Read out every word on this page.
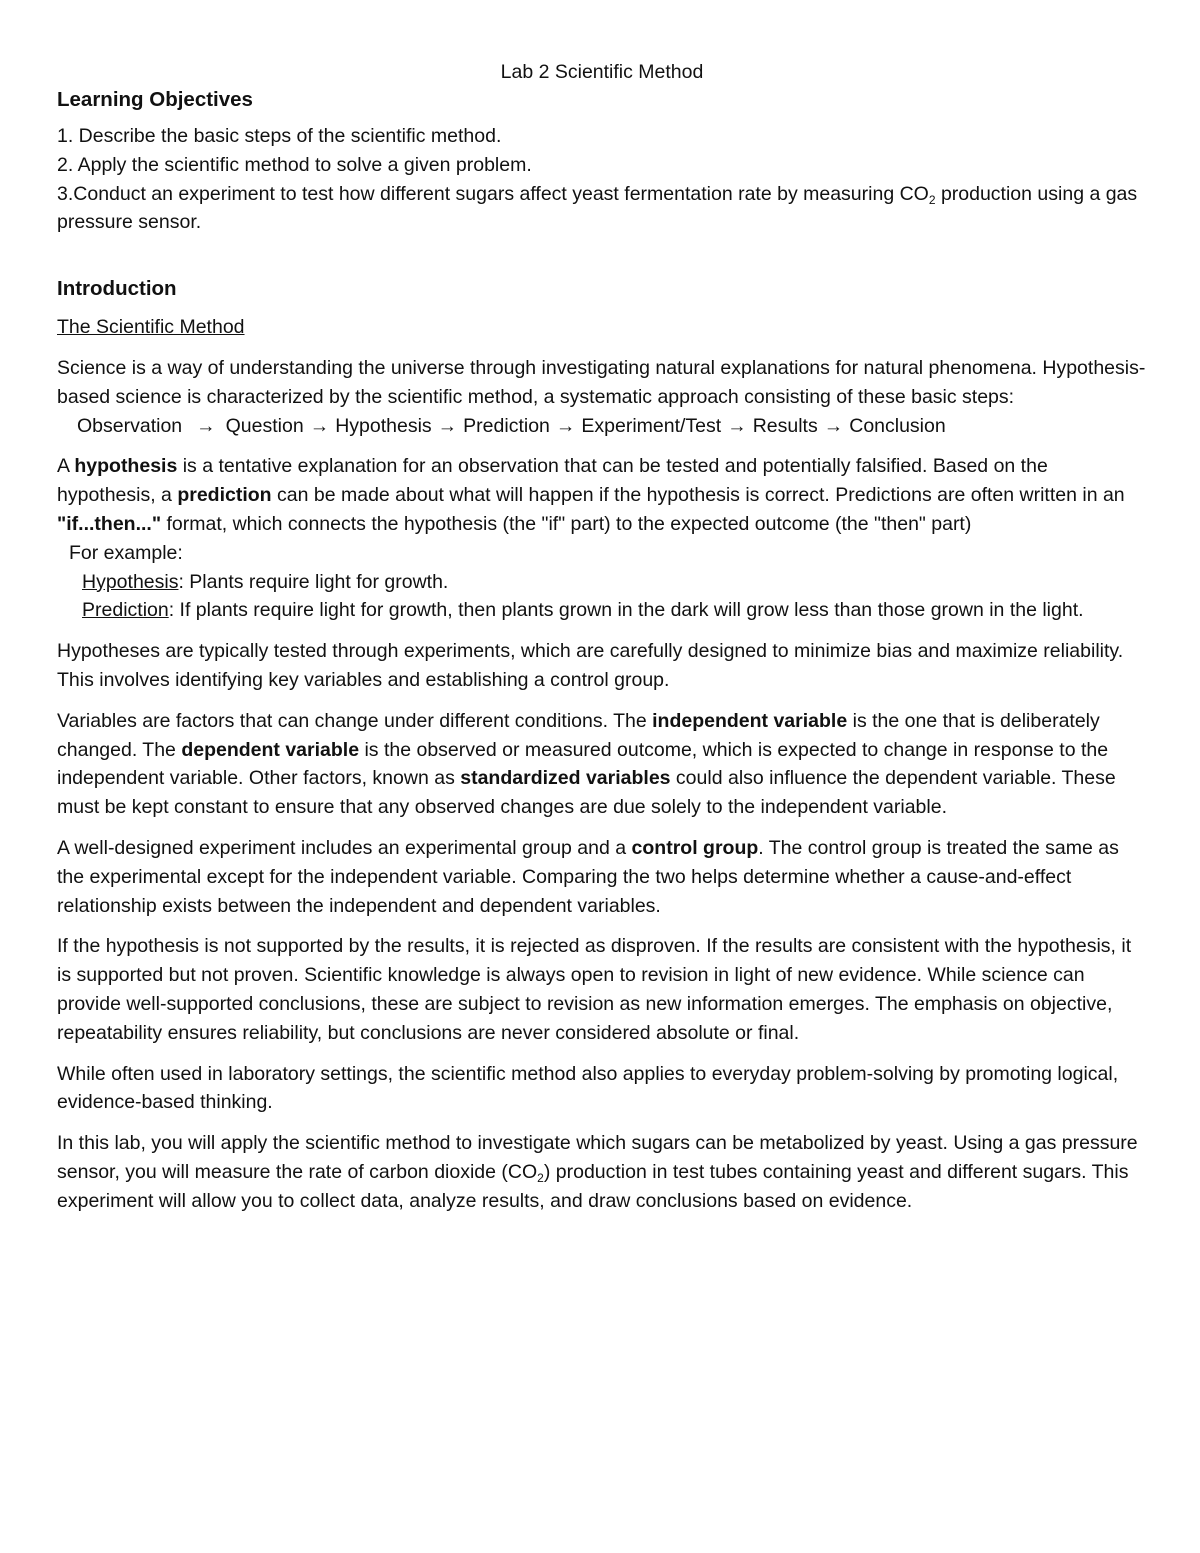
Lab 2 Scientific Method

Learning Objectives

1. Describe the basic steps of the scientific method.

2. Apply the scientific method to solve a given problem.

3.Conduct an experiment to test how different sugars affect yeast fermentation rate by measuring $CO_2$ production using a gas pressure sensor.

Introduction

The Scientific Method

Science is a way of understanding the universe through investigating natural explanations for natural phenomena. Hypothesis-based science is characterized by the scientific method, a systematic approach consisting of these basic steps:

Observation → Question → Hypothesis → Prediction → Experiment/Test → Results → Conclusion

A hypothesis is a tentative explanation for an observation that can be tested and potentially falsified. Based on the hypothesis, a prediction can be made about what will happen if the hypothesis is correct. Predictions are often written in an "if...then..." format, which connects the hypothesis (the "if" part) to the expected outcome (the "then" part)

For example:

Hypothesis: Plants require light for growth.

Prediction: If plants require light for growth, then plants grown in the dark will grow less than those grown in the light.

Hypotheses are typically tested through experiments, which are carefully designed to minimize bias and maximize reliability. This involves identifying key variables and establishing a control group.

Variables are factors that can change under different conditions. The independent variable is the one that is deliberately changed. The dependent variable is the observed or measured outcome, which is expected to change in response to the independent variable. Other factors, known as standardized variables could also influence the dependent variable. These must be kept constant to ensure that any observed changes are due solely to the independent variable.

A well-designed experiment includes an experimental group and a control group. The control group is treated the same as the experimental except for the independent variable. Comparing the two helps determine whether a cause-and-effect relationship exists between the independent and dependent variables.

If the hypothesis is not supported by the results, it is rejected as disproven. If the results are consistent with the hypothesis, it is supported but not proven. Scientific knowledge is always open to revision in light of new evidence. While science can provide well-supported conclusions, these are subject to revision as new information emerges. The emphasis on objective, repeatability ensures reliability, but conclusions are never considered absolute or final.

While often used in laboratory settings, the scientific method also applies to everyday problem-solving by promoting logical, evidence-based thinking.

In this lab, you will apply the scientific method to investigate which sugars can be metabolized by yeast. Using a gas pressure sensor, you will measure the rate of carbon dioxide $(CO_2)$ production in test tubes containing yeast and different sugars. This experiment will allow you to collect data, analyze results, and draw conclusions based on evidence.
